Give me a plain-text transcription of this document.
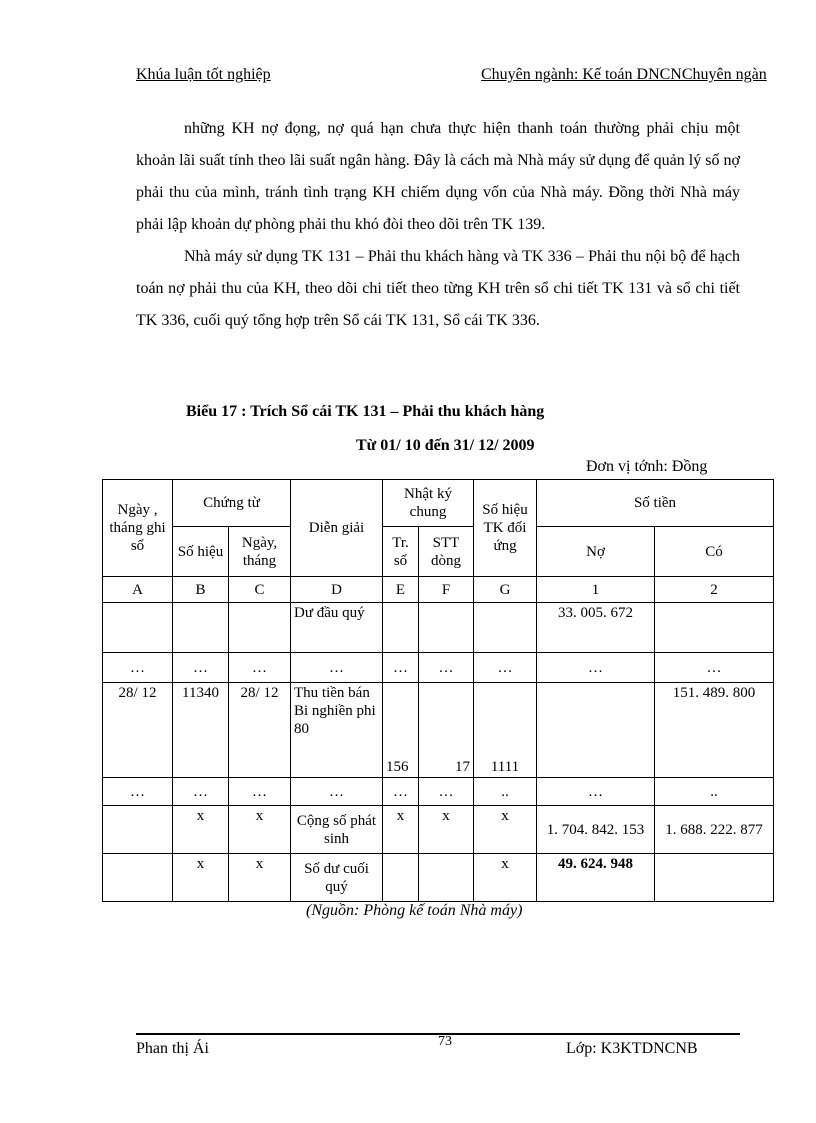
Khúa luận tốt nghiệp	Chuyên ngành: Kế toán DNCNChuyên ngàn

những KH nợ đọng, nợ quá hạn chưa thực hiện thanh toán thường phải chịu một khoản lãi suất tính theo lãi suất ngân hàng. Đây là cách mà Nhà máy sử dụng để quản lý số nợ phải thu của mình, tránh tình trạng KH chiếm dụng vốn của Nhà máy. Đồng thời Nhà máy phải lập khoản dự phòng phải thu khó đòi theo dõi trên TK 139.

Nhà máy sử dụng TK 131 – Phải thu khách hàng và TK 336 – Phải thu nội bộ để hạch toán nợ phải thu của KH, theo dõi chi tiết theo từng KH trên sổ chi tiết TK 131 và sổ chi tiết TK 336, cuối quý tổng hợp trên Sổ cái TK 131, Sổ cái TK 336.

Biểu 17 : Trích Sổ cái TK 131 – Phải thu khách hàng
Từ 01/ 10 đến 31/ 12/ 2009
Đơn vị tớnh: Đồng
Ngày , tháng ghi sổ	Chứng từ		Diễn giải	Nhật ký chung		Số hiệu TK đối ứng	Số tiền	
	Số hiệu	Ngày, tháng		Tr. số	STT dòng		Nợ	Có
A	B	C	D	E	F	G	1	2
			Dư đầu quý				33. 005. 672	
…	…	…	…	…	…	…	…	…
28/ 12	11340	28/ 12	Thu tiền bán Bi nghiền phi 80	156	17	1111		151. 489. 800
…	…	…	…	…	…	..	…	..
	x	x	Cộng số phát sinh	x	x	x	1. 704. 842. 153	1. 688. 222. 877
	x	x	Số dư cuối quý			x	49. 624. 948	
(Nguồn: Phòng kế toán Nhà máy)
Phan thị Ái	73	Lớp: K3KTDNCNB
